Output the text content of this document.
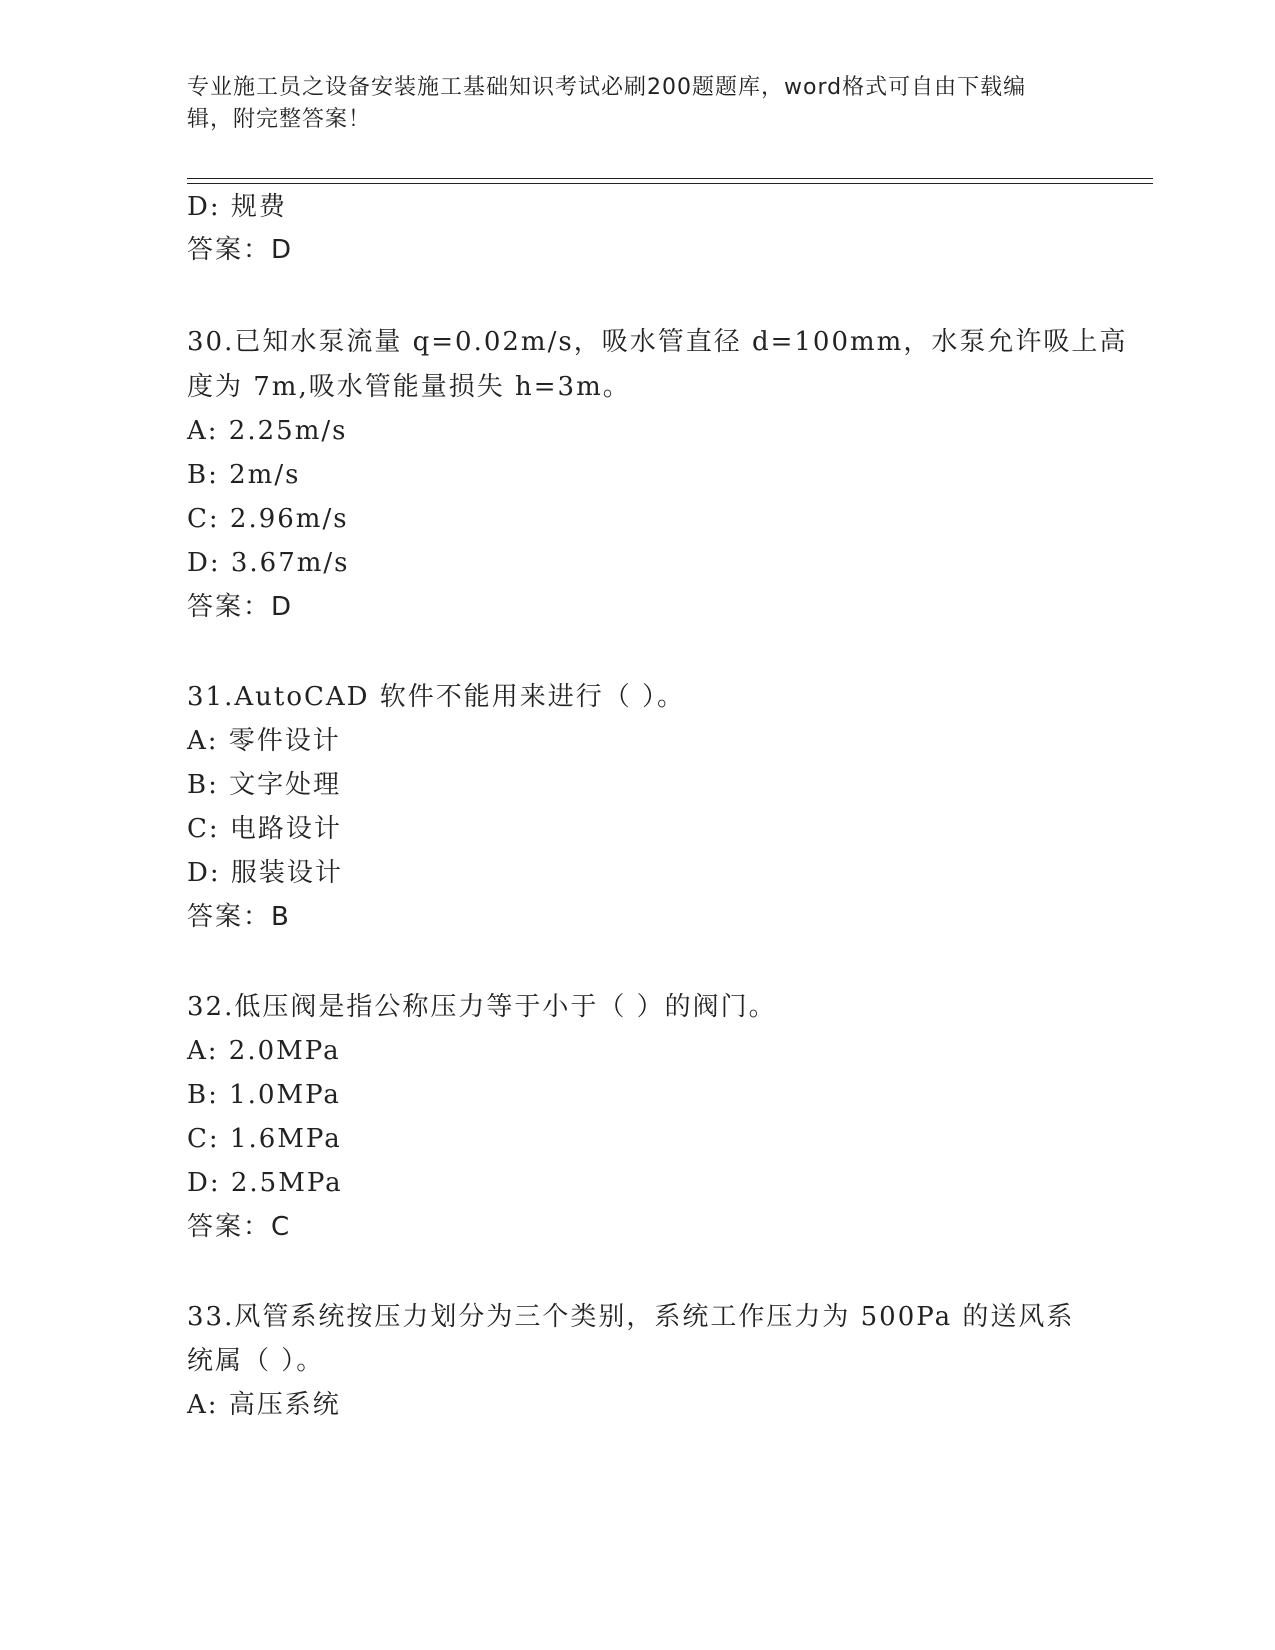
专业施工员之设备安装施工基础知识考试必刷200题题库，word格式可自由下载编辑，附完整答案！
D: 规费
答案：D
30.已知水泵流量 q=0.02m/s，吸水管直径 d=100mm，水泵允许吸上高
度为 7m,吸水管能量损失 h=3m。
A: 2.25m/s
B: 2m/s
C: 2.96m/s
D: 3.67m/s
答案：D
31.AutoCAD 软件不能用来进行（ ）。
A: 零件设计
B: 文字处理
C: 电路设计
D: 服装设计
答案：B
32.低压阀是指公称压力等于小于（ ）的阀门。
A: 2.0MPa
B: 1.0MPa
C: 1.6MPa
D: 2.5MPa
答案：C
33.风管系统按压力划分为三个类别，系统工作压力为 500Pa 的送风系
统属（ ）。
A: 高压系统
